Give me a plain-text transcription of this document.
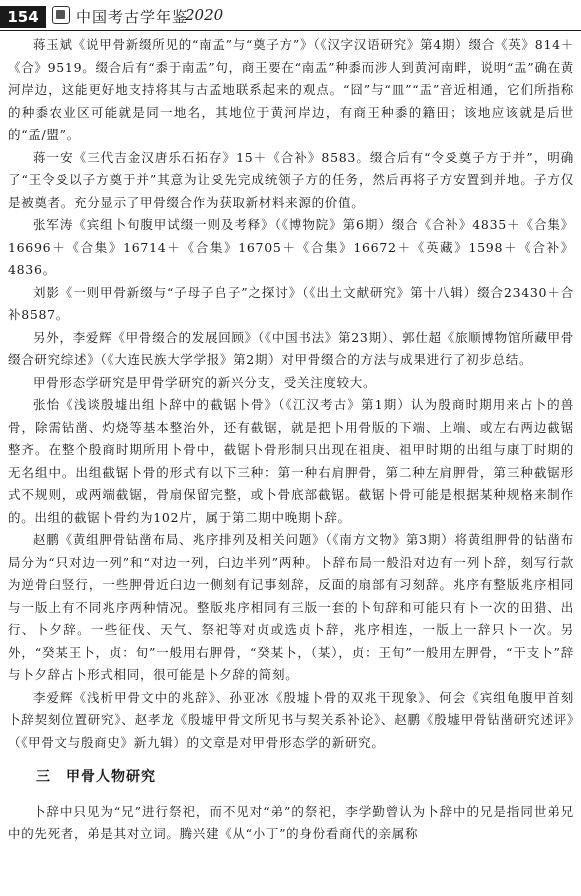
154	中国考古学年鉴
2020

蒋玉斌《说甲骨新缀所见的“南孟”与“奠子方”》（《汉字汉语研究》第4期）缀合《英》814＋《合》9519。缀合后有“黍于南盂”句，商王要在“南盂”种黍而涉人到黄河南畔，说明“盂”确在黄河岸边，这能更好地支持将其与古孟地联系起来的观点。“囧”与“皿”“盂”音近相通，它们所指称的种黍农业区可能就是同一地名，其地位于黄河岸边，有商王种黍的籍田；该地应该就是后世的“孟/盟”。

蒋一安《三代吉金汉唐乐石拓存》15＋《合补》8583。缀合后有“令𠬪奠子方于并”，明确了“王令𠬪以子方奠于并”其意为让𠬪先完成统领子方的任务，然后再将子方安置到并地。子方仅是被奠者。充分显示了甲骨缀合作为获取新材料来源的价值。

张军涛《宾组卜旬腹甲试缀一则及考释》（《博物院》第6期）缀合《合补》4835＋《合集》16696＋《合集》16714＋《合集》16705＋《合集》16672＋《英藏》1598＋《合补》4836。

刘影《一则甲骨新缀与“子母子𠂤子”之探讨》（《出土文献研究》第十八辑）缀合23430＋合补8587。

另外，李爱辉《甲骨缀合的发展回顾》（《中国书法》第23期）、郭仕超《旅顺博物馆所藏甲骨缀合研究综述》（《大连民族大学学报》第2期）对甲骨缀合的方法与成果进行了初步总结。

甲骨形态学研究是甲骨学研究的新兴分支，受关注度较大。

张怡《浅谈殷墟出组卜辞中的截锯卜骨》（《江汉考古》第1期）认为殷商时期用来占卜的兽骨，除需钻凿、灼烧等基本整治外，还有截锯，就是把卜用骨版的下端、上端、或左右两边截锯整齐。在整个殷商时期所用卜骨中，截锯卜骨形制只出现在祖庚、祖甲时期的出组与康丁时期的无名组中。出组截锯卜骨的形式有以下三种：第一种右肩胛骨，第二种左肩胛骨，第三种截锯形式不规则，或两端截锯，骨扇保留完整，或卜骨底部截锯。截锯卜骨可能是根据某种规格来制作的。出组的截锯卜骨约为102片，属于第二期中晚期卜辞。

赵鹏《黄组胛骨钻凿布局、兆序排列及相关问题》（《南方文物》第3期）将黄组胛骨的钻凿布局分为“只对边一列”和“对边一列，臼边半列”两种。卜辞布局一般沿对边有一列卜辞，刻写行款为逆骨臼竖行，一些胛骨近臼边一侧刻有记事刻辞，反面的扇部有习刻辞。兆序有整版兆序相同与一版上有不同兆序两种情况。整版兆序相同有三版一套的卜旬辞和可能只有卜一次的田猎、出行、卜夕辞。一些征伐、天气、祭祀等对贞或选贞卜辞，兆序相连，一版上一辞只卜一次。另外，“癸某王卜，贞：旬”一般用右胛骨，“癸某卜，（某），贞：王旬”一般用左胛骨，“干支卜”辞与卜夕辞占卜形式相同，很可能是卜夕辞的简刻。

李爱辉《浅析甲骨文中的兆辞》、孙亚冰《殷墟卜骨的双兆干现象》、何会《宾组龟腹甲首刻卜辞契刻位置研究》、赵孝龙《殷墟甲骨文所见书与契关系补论》、赵鹏《殷墟甲骨钻凿研究述评》（《甲骨文与殷商史》新九辑）的文章是对甲骨形态学的新研究。

三　甲骨人物研究

卜辞中只见为“兄”进行祭祀，而不见对“弟”的祭祀，李学勤曾认为卜辞中的兄是指同世弟兄中的先死者，弟是其对立词。腾兴建《从“小丁”的身份看商代的亲属称
